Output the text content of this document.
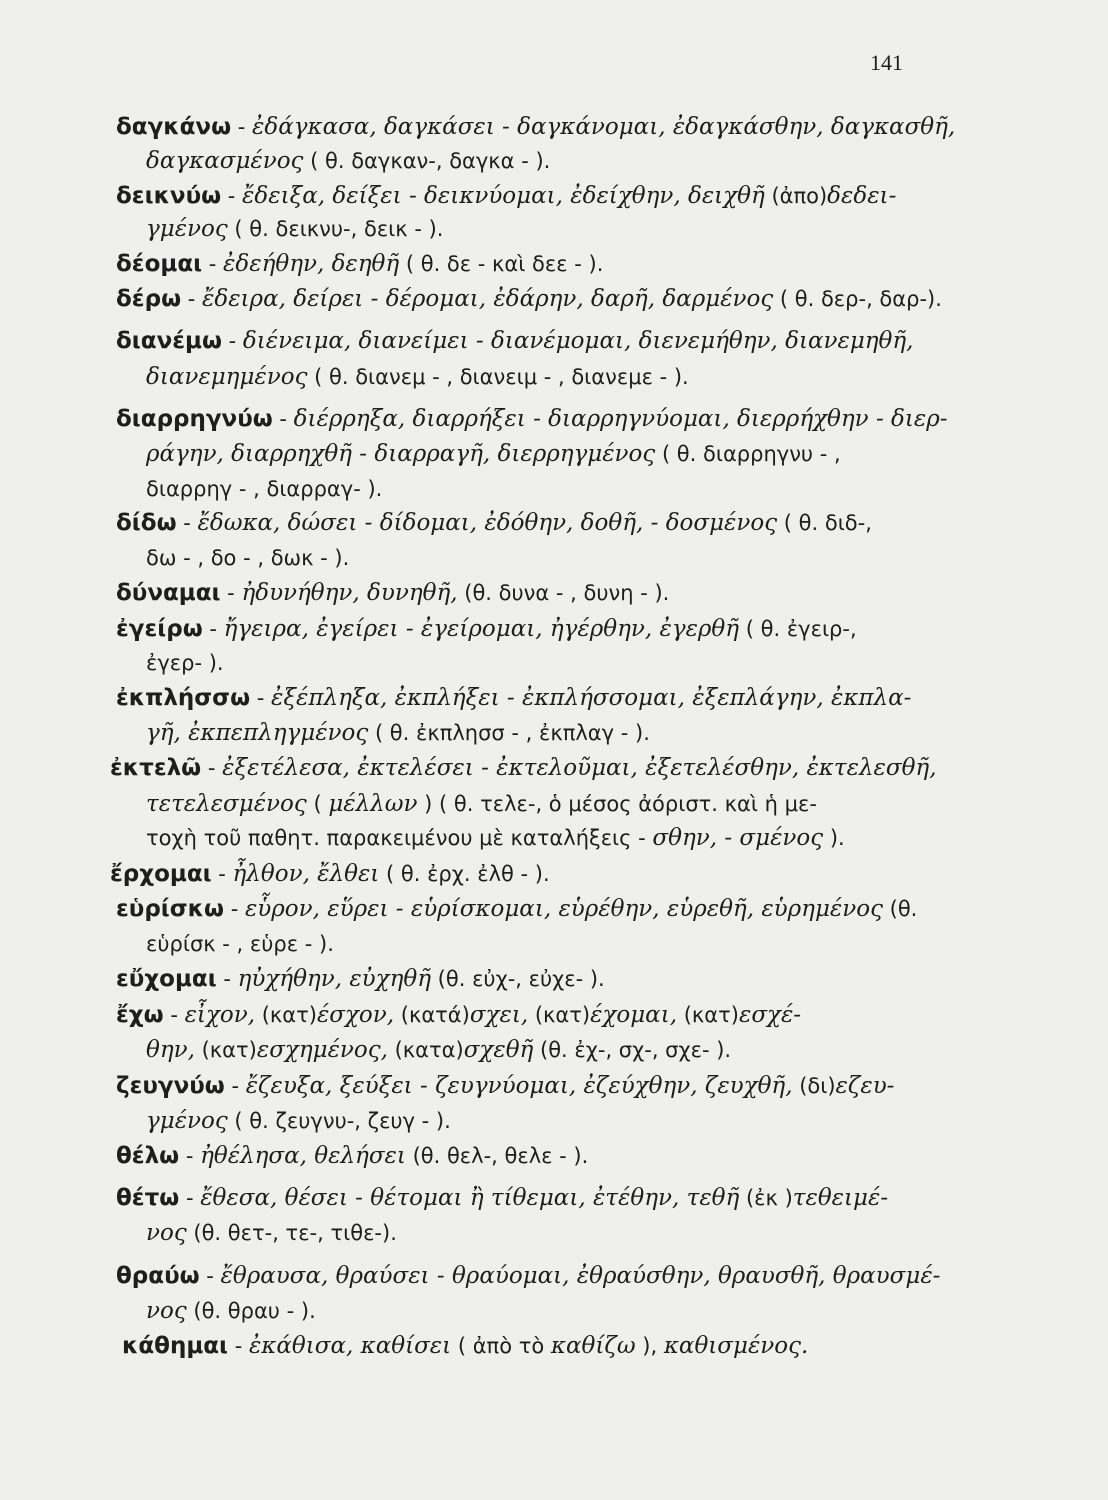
141
δαγκάνω - ἐδάγκασα, δαγκάσει - δαγκάνομαι, ἐδαγκάσθην, δαγκασθῆ,
δαγκασμένος ( θ. δαγκαν-, δαγκα - ).
δεικνύω - ἔδειξα, δείξει - δεικνύομαι, ἐδείχθην, δειχθῆ (ἀπο)δεδει-
γμένος ( θ. δεικνυ-, δεικ - ).
δέομαι - ἐδεήθην, δεηθῆ ( θ. δε - καὶ δεε - ).
δέρω - ἔδειρα, δείρει - δέρομαι, ἐδάρην, δαρῆ, δαρμένος ( θ. δερ-, δαρ-).
διανέμω - διένειμα, διανείμει - διανέμομαι, διενεμήθην, διανεμηθῆ,
διανεμημένος ( θ. διανεμ - , διανειμ - , διανεμε - ).
διαρρηγνύω - διέρρηξα, διαρρήξει - διαρρηγνύομαι, διερρήχθην - διερ-
ράγην, διαρρηχθῆ - διαρραγῆ, διερρηγμένος ( θ. διαρρηγνυ - ,
διαρρηγ - , διαρραγ- ).
δίδω - ἔδωκα, δώσει - δίδομαι, ἐδόθην, δοθῆ, - δοσμένος ( θ. διδ-,
δω - , δο - , δωκ - ).
δύναμαι - ἠδυνήθην, δυνηθῆ, (θ. δυνα - , δυνη - ).
ἐγείρω - ἤγειρα, ἐγείρει - ἐγείρομαι, ἠγέρθην, ἐγερθῆ ( θ. ἐγειρ-,
ἐγερ- ).
ἐκπλήσσω - ἐξέπληξα, ἐκπλήξει - ἐκπλήσσομαι, ἐξεπλάγην, ἐκπλα-
γῆ, ἐκπεπληγμένος ( θ. ἐκπλησσ - , ἐκπλαγ - ).
ἐκτελῶ - ἐξετέλεσα, ἐκτελέσει - ἐκτελοῦμαι, ἐξετελέσθην, ἐκτελεσθῆ,
τετελεσμένος ( μέλλων ) ( θ. τελε-, ὁ μέσος ἀόριστ. καὶ ἡ με-
τοχὴ τοῦ παθητ. παρακειμένου μὲ καταλήξεις - σθην, - σμένος ).
ἔρχομαι - ἦλθον, ἔλθει ( θ. ἐρχ. ἐλθ - ).
εὑρίσκω - εὗρον, εὕρει - εὑρίσκομαι, εὑρέθην, εὑρεθῆ, εὑρημένος (θ.
εὑρίσκ - , εὑρε - ).
εὔχομαι - ηὐχήθην, εὐχηθῆ (θ. εὐχ-, εὐχε- ).
ἔχω - εἶχον, (κατ)έσχον, (κατά)σχει, (κατ)έχομαι, (κατ)εσχέ-
θην, (κατ)εσχημένος, (κατα)σχεθῆ (θ. ἐχ-, σχ-, σχε- ).
ζευγνύω - ἔζευξα, ξεύξει - ζευγνύομαι, ἐζεύχθην, ζευχθῆ, (δι)εζευ-
γμένος ( θ. ζευγνυ-, ζευγ - ).
θέλω - ἠθέλησα, θελήσει (θ. θελ-, θελε - ).
θέτω - ἔθεσα, θέσει - θέτομαι ἢ τίθεμαι, ἐτέθην, τεθῆ (ἐκ )τεθειμέ-
νος (θ. θετ-, τε-, τιθε-).
θραύω - ἔθραυσα, θραύσει - θραύομαι, ἐθραύσθην, θραυσθῆ, θραυσμέ-
νος (θ. θραυ - ).
κάθημαι - ἐκάθισα, καθίσει ( ἀπὸ τὸ καθίζω ), καθισμένος.
